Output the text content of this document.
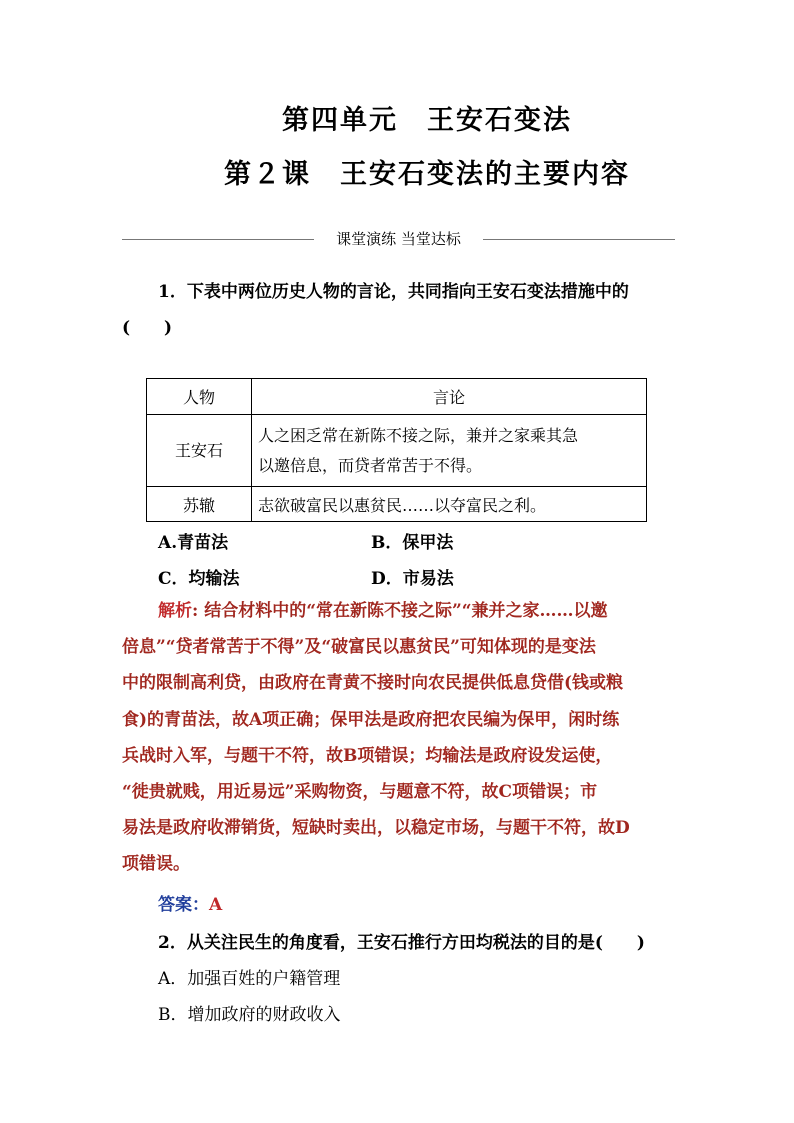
第四单元　王安石变法
第２课　王安石变法的主要内容
课堂演练 当堂达标
1．下表中两位历史人物的言论，共同指向王安石变法措施中的
(　　)
人物	言论
王安石	人之困乏常在新陈不接之际，兼并之家乘其急
以邀倍息，而贷者常苦于不得。

苏辙	志欲破富民以惠贫民……以夺富民之利。
A.青苗法	B．保甲法
C．均输法	D．市易法
解析: 结合材料中的“常在新陈不接之际”“兼并之家……以邀
倍息”“贷者常苦于不得”及“破富民以惠贫民”可知体现的是变法
中的限制高利贷，由政府在青黄不接时向农民提供低息贷借(钱或粮
食)的青苗法，故A项正确；保甲法是政府把农民编为保甲，闲时练
兵战时入军，与题干不符，故B项错误；均输法是政府设发运使，
“徙贵就贱，用近易远”采购物资，与题意不符，故C项错误；市
易法是政府收滞销货，短缺时卖出，以稳定市场，与题干不符，故D
项错误。
答案：A
2．从关注民生的角度看，王安石推行方田均税法的目的是(　　)
A．加强百姓的户籍管理
B．增加政府的财政收入
